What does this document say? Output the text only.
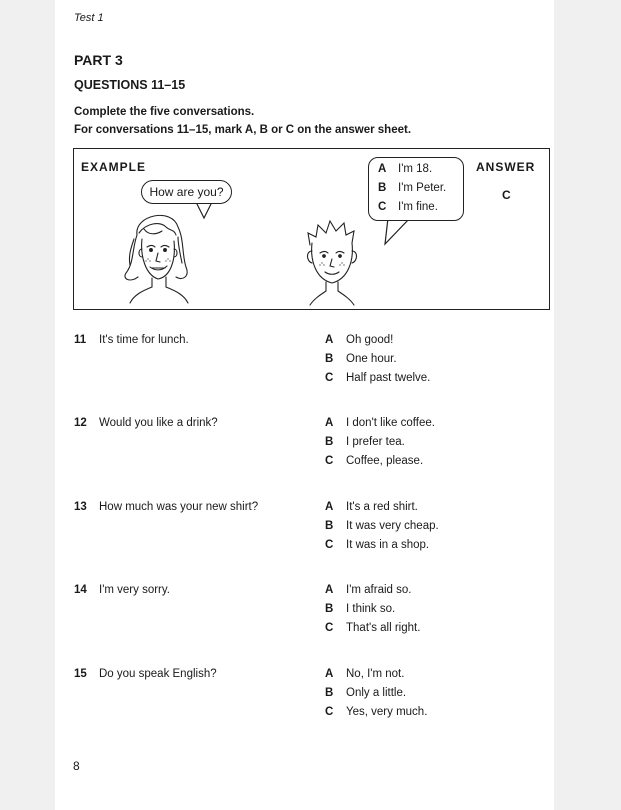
Test 1
PART 3
QUESTIONS 11–15
Complete the five conversations.
For conversations 11–15, mark A, B or C on the answer sheet.
EXAMPLE	ANSWER
C
How are you?
A I'm 18.
B I'm Peter.
C I'm fine.
11 It's time for lunch.	A Oh good!
B One hour.
C Half past twelve.
12 Would you like a drink?	A I don't like coffee.
B I prefer tea.
C Coffee, please.
13 How much was your new shirt?	A It's a red shirt.
B It was very cheap.
C It was in a shop.
14 I'm very sorry.	A I'm afraid so.
B I think so.
C That's all right.
15 Do you speak English?	A No, I'm not.
B Only a little.
C Yes, very much.
8
